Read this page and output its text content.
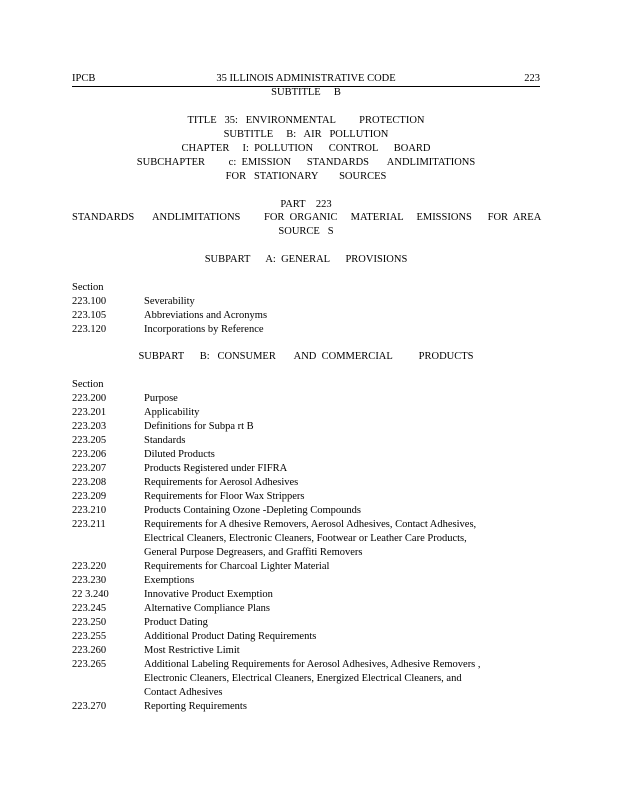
IPCB	35 ILLINOIS ADMINISTRATIVE CODE	223
SUBTITLE     B
TITLE   35:   ENVIRONMENTAL         PROTECTION
SUBTITLE     B:   AIR   POLLUTION
CHAPTER     I:  POLLUTION      CONTROL      BOARD
SUBCHAPTER         c:  EMISSION      STANDARDS       ANDLIMITATIONS
FOR   STATIONARY        SOURCES
PART    223
STANDARDS       ANDLIMITATIONS         FOR  ORGANIC     MATERIAL     EMISSIONS      FOR  AREA
SOURCE   S
SUBPART      A:  GENERAL      PROVISIONS
Section
223.100	Severability
223.105	Abbreviations and Acronyms
223.120	Incorporations by Reference
SUBPART      B:   CONSUMER       AND  COMMERCIAL          PRODUCTS
Section
223.200	Purpose
223.201	Applicability
223.203	Definitions for Subpa rt B
223.205	Standards
223.206	Diluted Products
223.207	Products Registered under FIFRA
223.208	Requirements for Aerosol Adhesives
223.209	Requirements for Floor Wax Strippers
223.210	Products Containing Ozone -Depleting Compounds
223.211	Requirements for A dhesive Removers, Aerosol Adhesives, Contact Adhesives,
Electrical Cleaners, Electronic Cleaners, Footwear or Leather Care Products,
General Purpose Degreasers, and Graffiti Removers
223.220	Requirements for Charcoal Lighter Material
223.230	Exemptions
22 3.240	Innovative Product Exemption
223.245	Alternative Compliance Plans
223.250	Product Dating
223.255	Additional Product Dating Requirements
223.260	Most Restrictive Limit
223.265	Additional Labeling Requirements for Aerosol Adhesives, Adhesive Removers ,
Electronic Cleaners, Electrical Cleaners, Energized Electrical Cleaners, and
Contact Adhesives
223.270	Reporting Requirements
